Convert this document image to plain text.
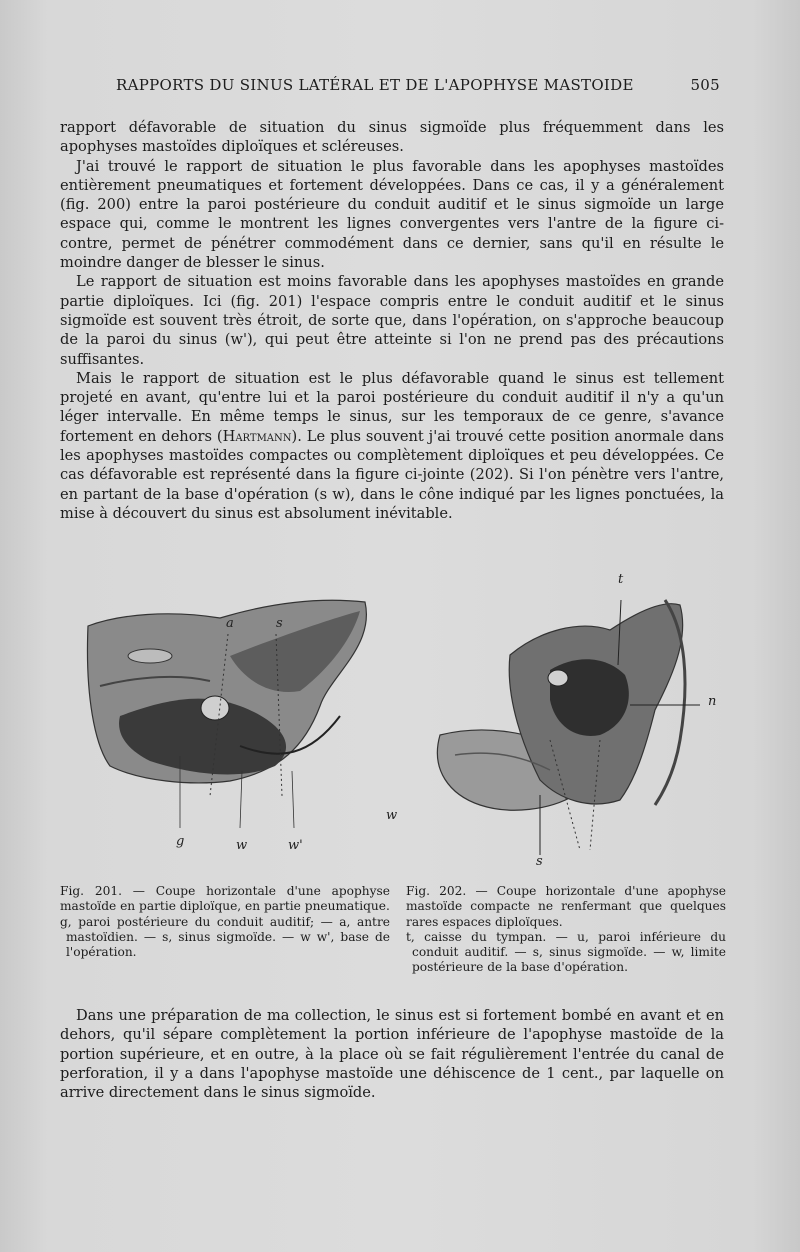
RAPPORTS DU SINUS LATÉRAL ET DE L'APOPHYSE MASTOIDE	505

rapport défavorable de situation du sinus sigmoïde plus fréquemment dans les apophyses mastoïdes diploïques et scléreuses.

J'ai trouvé le rapport de situation le plus favorable dans les apophyses mastoïdes entièrement pneumatiques et fortement développées. Dans ce cas, il y a généralement (fig. 200) entre la paroi postérieure du conduit auditif et le sinus sigmoïde un large espace qui, comme le montrent les lignes convergentes vers l'antre de la figure ci-contre, permet de pénétrer commodément dans ce dernier, sans qu'il en résulte le moindre danger de blesser le sinus.

Le rapport de situation est moins favorable dans les apophyses mastoïdes en grande partie diploïques. Ici (fig. 201) l'espace compris entre le conduit auditif et le sinus sigmoïde est souvent très étroit, de sorte que, dans l'opération, on s'approche beaucoup de la paroi du sinus (w'), qui peut être atteinte si l'on ne prend pas des précautions suffisantes.

Mais le rapport de situation est le plus défavorable quand le sinus est tellement projeté en avant, qu'entre lui et la paroi postérieure du conduit auditif il n'y a qu'un léger intervalle. En même temps le sinus, sur les temporaux de ce genre, s'avance fortement en dehors (Hartmann). Le plus souvent j'ai trouvé cette position anormale dans les apophyses mastoïdes compactes ou complètement diploïques et peu développées. Ce cas défavorable est représenté dans la figure ci-jointe (202). Si l'on pénètre vers l'antre, en partant de la base d'opération (s w), dans le cône indiqué par les lignes ponctuées, la mise à découvert du sinus est absolument inévitable.

a	s
g	w	w'
t
n
w
s

Fig. 201. — Coupe horizontale d'une apophyse mastoïde en partie diploïque, en partie pneumatique.

g, paroi postérieure du conduit auditif; — a, antre mastoïdien. — s, sinus sigmoïde. — w w', base de l'opération.

Fig. 202. — Coupe horizontale d'une apophyse mastoïde compacte ne renfermant que quelques rares espaces diploïques.

t, caisse du tympan. — u, paroi inférieure du conduit auditif. — s, sinus sigmoïde. — w, limite postérieure de la base d'opération.

Dans une préparation de ma collection, le sinus est si fortement bombé en avant et en dehors, qu'il sépare complètement la portion inférieure de l'apophyse mastoïde de la portion supérieure, et en outre, à la place où se fait régulièrement l'entrée du canal de perforation, il y a dans l'apophyse mastoïde une déhiscence de 1 cent., par laquelle on arrive directement dans le sinus sigmoïde.
